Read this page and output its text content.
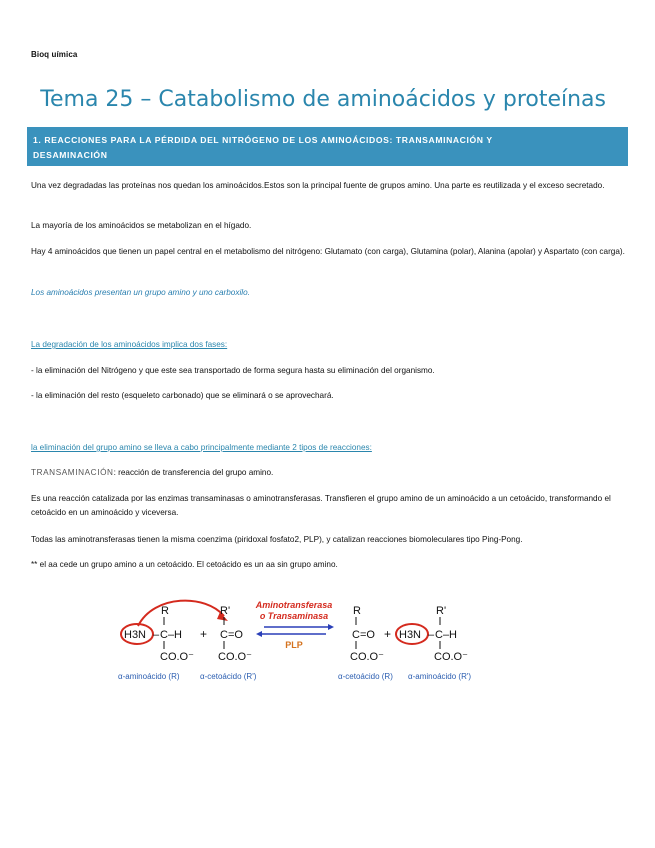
Bioq uímica
Tema 25 – Catabolismo de aminoácidos y proteínas
1. REACCIONES PARA LA PÉRDIDA DEL NITRÓGENO DE LOS AMINOÁCIDOS: TRANSAMINACIÓN Y
DESAMINACIÓN
Una vez degradadas las proteínas nos quedan los aminoácidos.Estos son la principal fuente de grupos amino. Una parte es reutilizada y el exceso secretado.
La mayoría de los aminoácidos se metabolizan en el hígado.
Hay 4 aminoácidos que tienen un papel central en el metabolismo del nitrógeno: Glutamato (con carga), Glutamina (polar), Alanina (apolar) y Aspartato (con carga).
Los aminoácidos presentan un grupo amino y uno carboxilo.
La degradación de los aminoácidos implica dos fases:
- la eliminación del Nitrógeno y que este sea transportado de forma segura hasta su eliminación del organismo.
- la eliminación del resto (esqueleto carbonado) que se eliminará o se aprovechará.
la eliminación del grupo amino se lleva a cabo principalmente mediante 2 tipos de reacciones:
TRANSAMINACIÓN: reacción de transferencia del grupo amino.
Es una reacción catalizada por las enzimas transaminasas o aminotransferasas. Transfieren el grupo amino de un aminoácido a un cetoácido, transformando el cetoácido en un aminoácido y viceversa.
Todas las aminotransferasas tienen la misma coenzima (piridoxal fosfato2, PLP), y catalizan reacciones biomoleculares tipo Ping-Pong.
** el aa cede un grupo amino a un cetoácido. El cetoácido es un aa sin grupo amino.
R
H3N – C–H
CO.O⁻
α-aminoácido (R)
+
R'
C=O
CO.O⁻
α-cetoácido (R')
Aminotransferasa
o Transaminasa
PLP
R
C=O
CO.O⁻
α-cetoácido (R)
+
R'
H3N – C–H
CO.O⁻
α-aminoácido (R')
